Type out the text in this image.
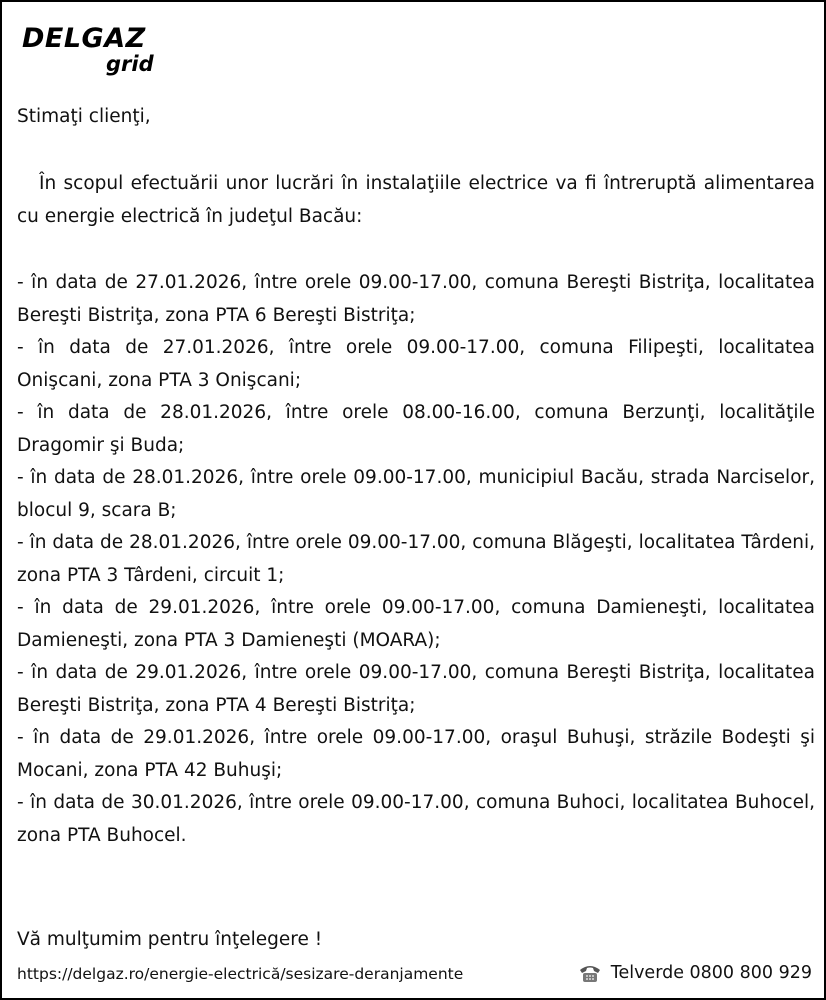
DELGAZ
grid
Stimaţi clienţi,
În scopul efectuării unor lucrări în instalaţiile electrice va fi întreruptă alimentarea cu energie electrică în judeţul Bacău:
- în data de 27.01.2026, între orele 09.00-17.00, comuna Bereşti Bistriţa, localitatea Bereşti Bistriţa, zona PTA 6 Bereşti Bistriţa;
- în data de 27.01.2026, între orele 09.00-17.00, comuna Filipeşti, localitatea Onişcani, zona PTA 3 Onişcani;
- în data de 28.01.2026, între orele 08.00-16.00, comuna Berzunţi, localităţile Dragomir şi Buda;
- în data de 28.01.2026, între orele 09.00-17.00, municipiul Bacău, strada Narciselor, blocul 9, scara B;
- în data de 28.01.2026, între orele 09.00-17.00, comuna Blăgeşti, localitatea Târdeni, zona PTA 3 Târdeni, circuit 1;
- în data de 29.01.2026, între orele 09.00-17.00, comuna Damieneşti, localitatea Damieneşti, zona PTA 3 Damieneşti (MOARA);
- în data de 29.01.2026, între orele 09.00-17.00, comuna Bereşti Bistriţa, localitatea Bereşti Bistriţa, zona PTA 4 Bereşti Bistriţa;
- în data de 29.01.2026, între orele 09.00-17.00, oraşul Buhuşi, străzile Bodeşti şi Mocani, zona PTA 42 Buhuşi;
- în data de 30.01.2026, între orele 09.00-17.00, comuna Buhoci, localitatea Buhocel, zona PTA Buhocel.
Vă mulţumim pentru înţelegere !
https://delgaz.ro/energie-electrică/sesizare-deranjamente	Telverde 0800 800 929
